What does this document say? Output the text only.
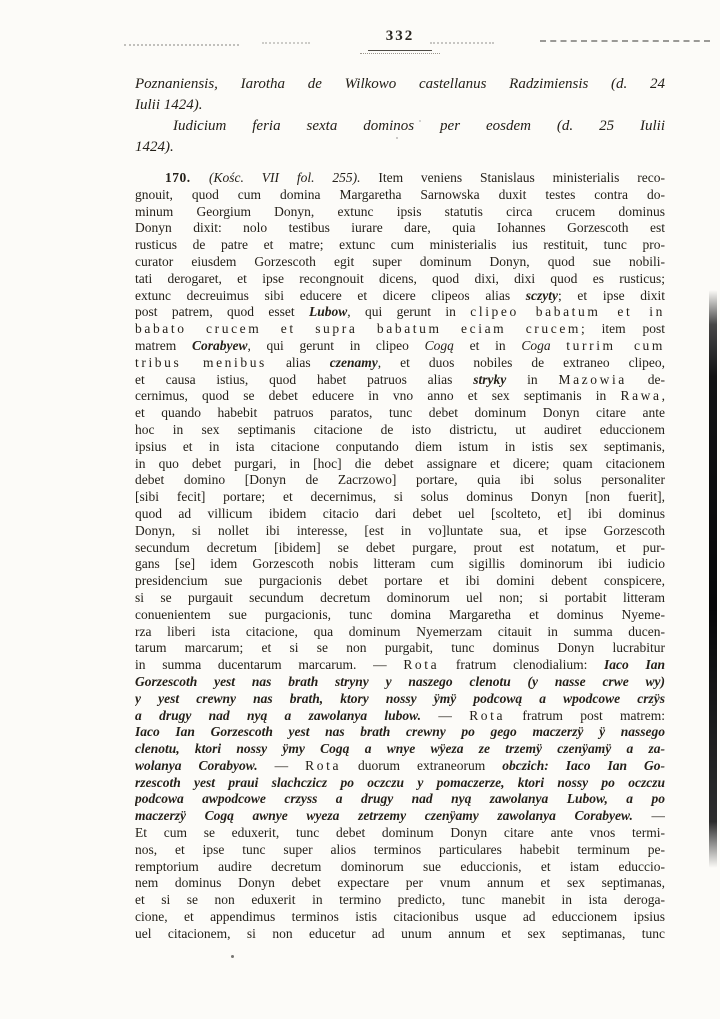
332
Poznaniensis, Iarotha de Wilkowo castellanus Radzimiensis (d. 24
Iulii 1424).
Iudicium feria sexta dominos per eosdem (d. 25 Iulii
1424).
170. (Kośc. VII fol. 255). Item veniens Stanislaus ministerialis reco-
gnouit, quod cum domina Margaretha Sarnowska duxit testes contra do-
minum Georgium Donyn, extunc ipsis statutis circa crucem dominus
Donyn dixit: nolo testibus iurare dare, quia Iohannes Gorzescoth est
rusticus de patre et matre; extunc cum ministerialis ius restituit, tunc pro-
curator eiusdem Gorzescoth egit super dominum Donyn, quod sue nobili-
tati derogaret, et ipse recongnouit dicens, quod dixi, dixi quod es rusticus;
extunc decreuimus sibi educere et dicere clipeos alias sczyty; et ipse dixit
post patrem, quod esset Lubow, qui gerunt in clipeo babatum et in
babato crucem et supra babatum eciam crucem; item post
matrem Corabyew, qui gerunt in clipeo Cogą et in Coga turrim cum
tribus menibus alias czenamy, et duos nobiles de extraneo clipeo,
et causa istius, quod habet patruos alias stryky in Mazowia de-
cernimus, quod se debet educere in vno anno et sex septimanis in Rawa,
et quando habebit patruos paratos, tunc debet dominum Donyn citare ante
hoc in sex septimanis citacione de isto districtu, ut audiret educcionem
ipsius et in ista citacione conputando diem istum in istis sex septimanis,
in quo debet purgari, in [hoc] die debet assignare et dicere; quam citacionem
debet domino [Donyn de Zacrzowo] portare, quia ibi solus personaliter
[sibi fecit] portare; et decernimus, si solus dominus Donyn [non fuerit],
quod ad villicum ibidem citacio dari debet uel [scolteto, et] ibi dominus
Donyn, si nollet ibi interesse, [est in vo]luntate sua, et ipse Gorzescoth
secundum decretum [ibidem] se debet purgare, prout est notatum, et pur-
gans [se] idem Gorzescoth nobis litteram cum sigillis dominorum ibi iudicio
presidencium sue purgacionis debet portare et ibi domini debent conspicere,
si se purgauit secundum decretum dominorum uel non; si portabit litteram
conuenientem sue purgacionis, tunc domina Margaretha et dominus Nyeme-
rza liberi ista citacione, qua dominum Nyemerzam citauit in summa ducen-
tarum marcarum; et si se non purgabit, tunc dominus Donyn lucrabitur
in summa ducentarum marcarum. — Rota fratrum clenodialium: Iaco Ian
Gorzescoth yest nas brath stryny y naszego clenotu (y nasse crwe wy)
y yest crewny nas brath, ktory nossy ÿmÿ podcową a wpodcowe crzÿs
a drugy nad nyą a zawolanya lubow. — Rota fratrum post matrem:
Iaco Ian Gorzescoth yest nas brath crewny po gego maczerzÿ ÿ nassego
clenotu, ktori nossy ÿmy Cogą a wnye wÿeza ze trzemÿ czenÿamÿ a za-
wolanya Corabyow. — Rota duorum extraneorum obczich: Iaco Ian Go-
rzescoth yest praui slachczicz po oczczu y pomaczerze, ktori nossy po oczczu
podcowa awpodcowe crzyss a drugy nad nyą zawolanya Lubow, a po
maczerzÿ Cogą awnye wyeza zetrzemy czenÿamy zawolanya Corabyew. —
Et cum se eduxerit, tunc debet dominum Donyn citare ante vnos termi-
nos, et ipse tunc super alios terminos particulares habebit terminum pe-
remptorium audire decretum dominorum sue educcionis, et istam educcio-
nem dominus Donyn debet expectare per vnum annum et sex septimanas,
et si se non eduxerit in termino predicto, tunc manebit in ista deroga-
cione, et appendimus terminos istis citacionibus usque ad educcionem ipsius
uel citacionem, si non educetur ad unum annum et sex septimanas, tunc
